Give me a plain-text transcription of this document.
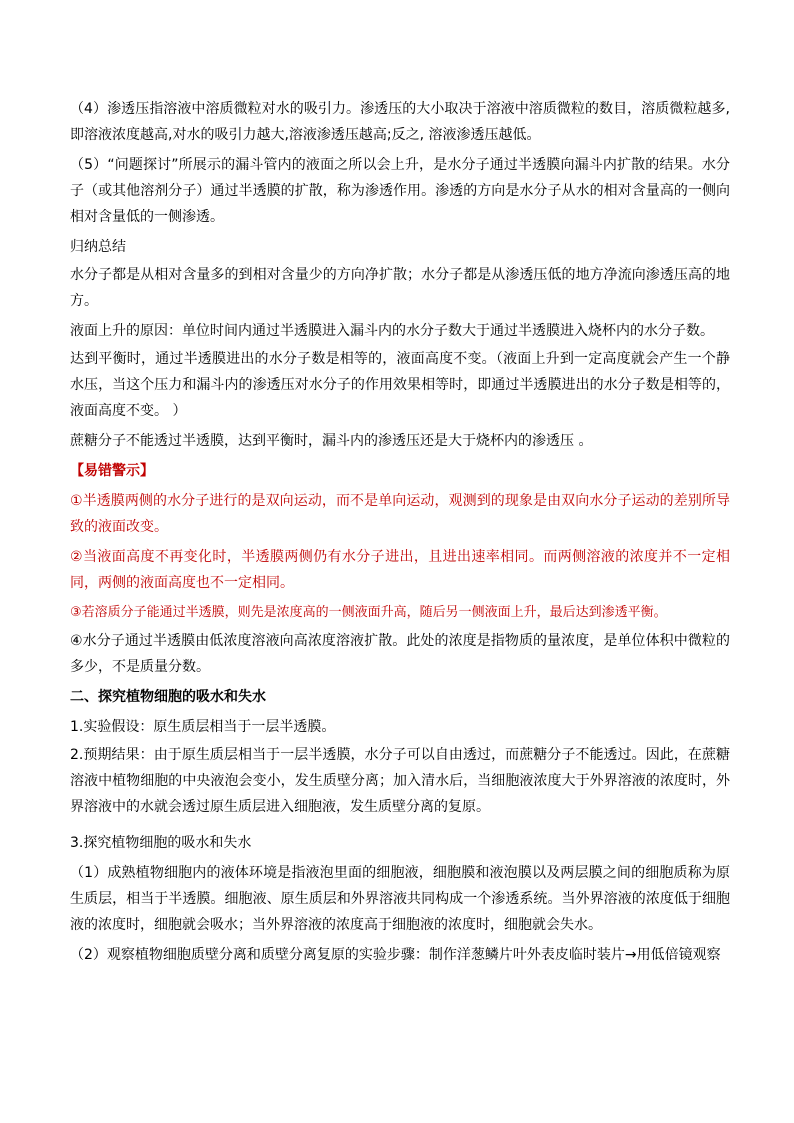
（4）渗透压指溶液中溶质微粒对水的吸引力。渗透压的大小取决于溶液中溶质微粒的数目，溶质微粒越多,即溶液浓度越高,对水的吸引力越大,溶液渗透压越高;反之, 溶液渗透压越低。

（5）“问题探讨”所展示的漏斗管内的液面之所以会上升，是水分子通过半透膜向漏斗内扩散的结果。水分子（或其他溶剂分子）通过半透膜的扩散，称为渗透作用。渗透的方向是水分子从水的相对含量高的一侧向相对含量低的一侧渗透。

归纳总结

水分子都是从相对含量多的到相对含量少的方向净扩散；水分子都是从渗透压低的地方净流向渗透压高的地方。

液面上升的原因：单位时间内通过半透膜进入漏斗内的水分子数大于通过半透膜进入烧杯内的水分子数。

达到平衡时，通过半透膜进出的水分子数是相等的，液面高度不变。（液面上升到一定高度就会产生一个静水压，当这个压力和漏斗内的渗透压对水分子的作用效果相等时，即通过半透膜进出的水分子数是相等的，液面高度不变。 ）

蔗糖分子不能透过半透膜，达到平衡时，漏斗内的渗透压还是大于烧杯内的渗透压 。

【易错警示】

①半透膜两侧的水分子进行的是双向运动，而不是单向运动，观测到的现象是由双向水分子运动的差别所导致的液面改变。

②当液面高度不再变化时，半透膜两侧仍有水分子进出，且进出速率相同。而两侧溶液的浓度并不一定相同，两侧的液面高度也不一定相同。

③若溶质分子能通过半透膜，则先是浓度高的一侧液面升高，随后另一侧液面上升，最后达到渗透平衡。

④水分子通过半透膜由低浓度溶液向高浓度溶液扩散。此处的浓度是指物质的量浓度，是单位体积中微粒的多少，不是质量分数。

二、探究植物细胞的吸水和失水

1.实验假设：原生质层相当于一层半透膜。

2.预期结果：由于原生质层相当于一层半透膜，水分子可以自由透过，而蔗糖分子不能透过。因此，在蔗糖溶液中植物细胞的中央液泡会变小，发生质壁分离；加入清水后，当细胞液浓度大于外界溶液的浓度时，外界溶液中的水就会透过原生质层进入细胞液，发生质壁分离的复原。

3.探究植物细胞的吸水和失水

（1）成熟植物细胞内的液体环境是指液泡里面的细胞液，细胞膜和液泡膜以及两层膜之间的细胞质称为原生质层，相当于半透膜。细胞液、原生质层和外界溶液共同构成一个渗透系统。当外界溶液的浓度低于细胞液的浓度时，细胞就会吸水；当外界溶液的浓度高于细胞液的浓度时，细胞就会失水。

（2）观察植物细胞质壁分离和质壁分离复原的实验步骤：制作洋葱鳞片叶外表皮临时装片→用低倍镜观察
